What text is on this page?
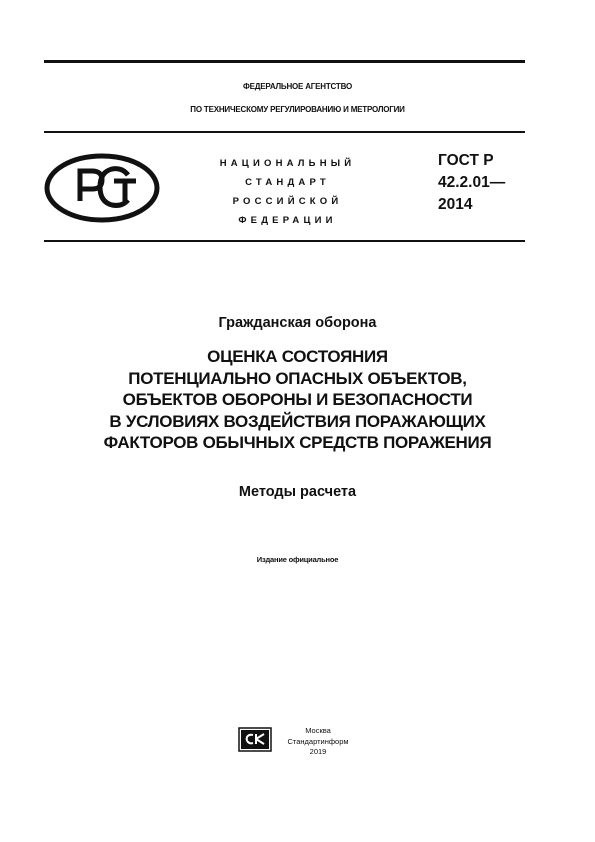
ФЕДЕРАЛЬНОЕ АГЕНТСТВО
ПО ТЕХНИЧЕСКОМУ РЕГУЛИРОВАНИЮ И МЕТРОЛОГИИ
НАЦИОНАЛЬНЫЙ
СТАНДАРТ
РОССИЙСКОЙ
ФЕДЕРАЦИИ
ГОСТ Р
42.2.01—
2014
Гражданская оборона
ОЦЕНКА СОСТОЯНИЯ
ПОТЕНЦИАЛЬНО ОПАСНЫХ ОБЪЕКТОВ,
ОБЪЕКТОВ ОБОРОНЫ И БЕЗОПАСНОСТИ
В УСЛОВИЯХ ВОЗДЕЙСТВИЯ ПОРАЖАЮЩИХ
ФАКТОРОВ ОБЫЧНЫХ СРЕДСТВ ПОРАЖЕНИЯ
Методы расчета
Издание официальное
Москва
Стандартинформ
2019
